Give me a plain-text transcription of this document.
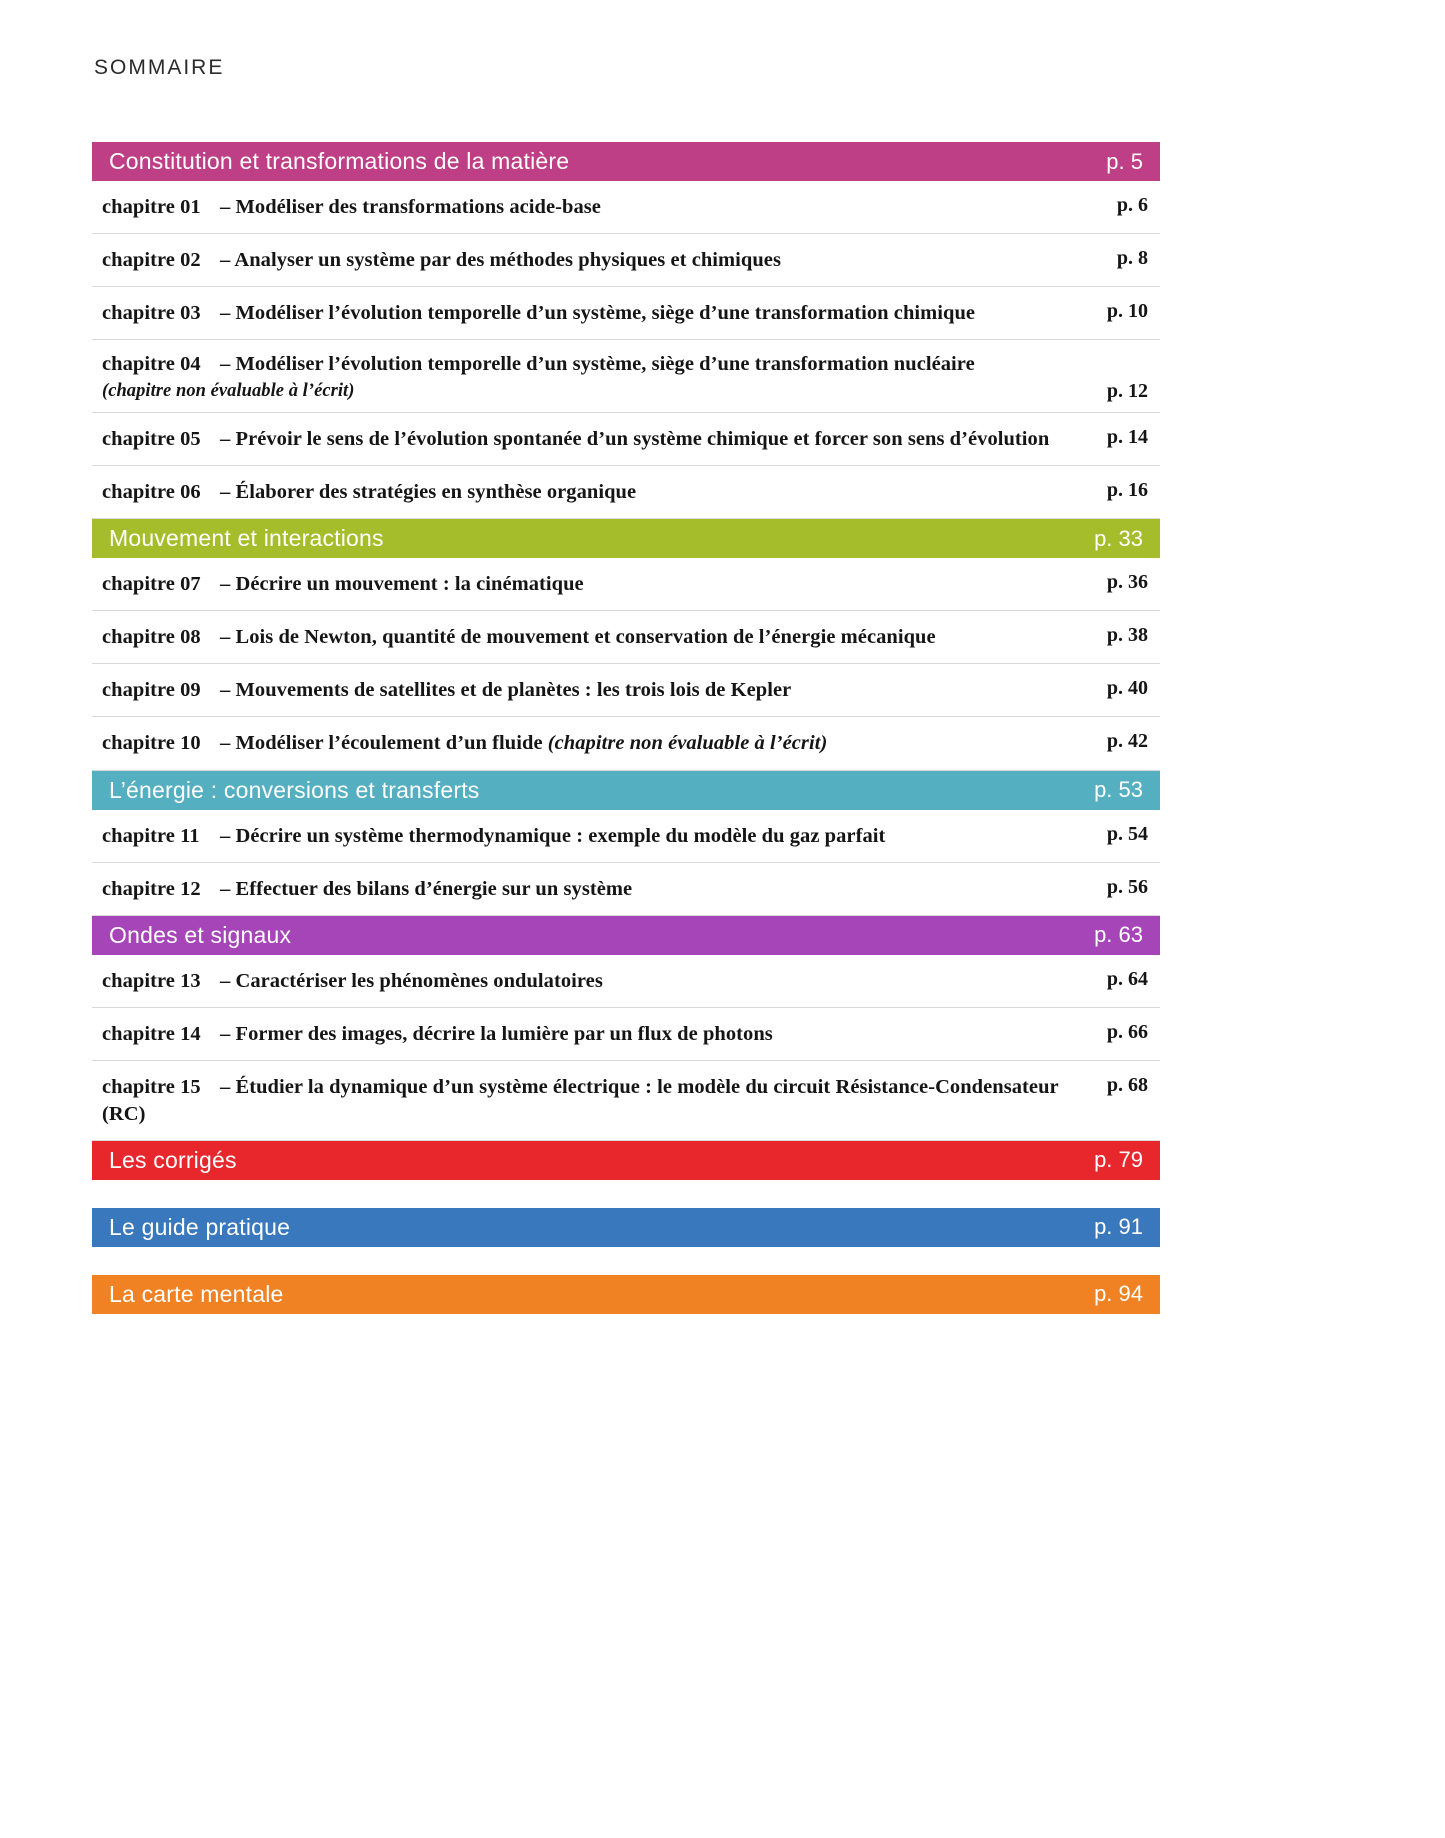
SOMMAIRE
Constitution et transformations de la matière	p. 5
chapitre 01 – Modéliser des transformations acide-base	p. 6
chapitre 02 – Analyser un système par des méthodes physiques et chimiques	p. 8
chapitre 03 – Modéliser l’évolution temporelle d’un système, siège d’une transformation chimique	p. 10
chapitre 04 – Modéliser l’évolution temporelle d’un système, siège d’une transformation nucléaire
(chapitre non évaluable à l’écrit)	p. 12
chapitre 05 – Prévoir le sens de l’évolution spontanée d’un système chimique et forcer son sens d’évolution	p. 14
chapitre 06 – Élaborer des stratégies en synthèse organique	p. 16
Mouvement et interactions	p. 33
chapitre 07 – Décrire un mouvement : la cinématique	p. 36
chapitre 08 – Lois de Newton, quantité de mouvement et conservation de l’énergie mécanique	p. 38
chapitre 09 – Mouvements de satellites et de planètes : les trois lois de Kepler	p. 40
chapitre 10 – Modéliser l’écoulement d’un fluide (chapitre non évaluable à l’écrit)	p. 42
L’énergie : conversions et transferts	p. 53
chapitre 11 – Décrire un système thermodynamique : exemple du modèle du gaz parfait	p. 54
chapitre 12 – Effectuer des bilans d’énergie sur un système	p. 56
Ondes et signaux	p. 63
chapitre 13 – Caractériser les phénomènes ondulatoires	p. 64
chapitre 14 – Former des images, décrire la lumière par un flux de photons	p. 66
chapitre 15 – Étudier la dynamique d’un système électrique : le modèle du circuit Résistance-Condensateur (RC)
p. 68
Les corrigés	p. 79
Le guide pratique	p. 91
La carte mentale	p. 94
